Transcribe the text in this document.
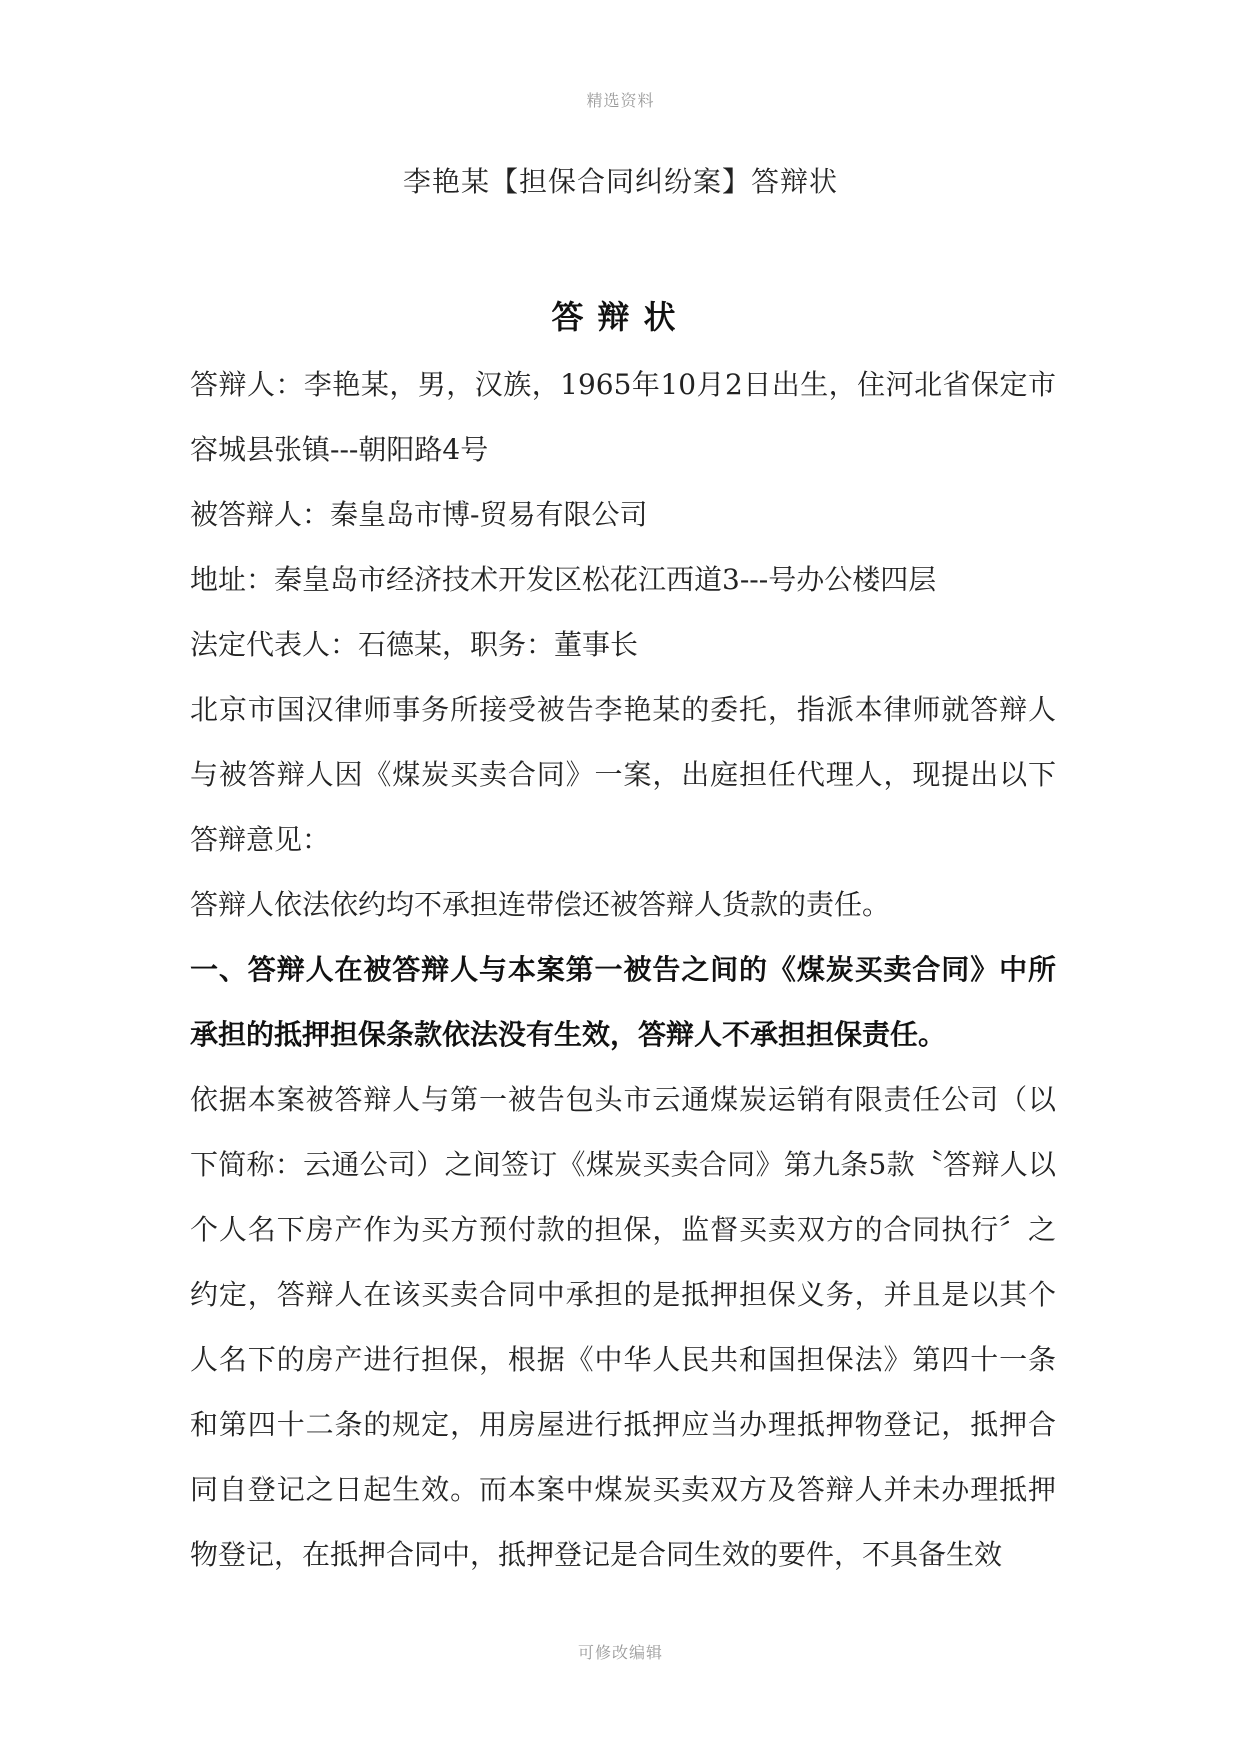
精选资料
李艳某【担保合同纠纷案】答辩状
答辩状

答辩人：李艳某，男，汉族，1965年10月2日出生，住河北省保定市容城县张镇---朝阳路4号

被答辩人：秦皇岛市博-贸易有限公司

地址：秦皇岛市经济技术开发区松花江西道3---号办公楼四层

法定代表人：石德某，职务：董事长

北京市国汉律师事务所接受被告李艳某的委托，指派本律师就答辩人与被答辩人因《煤炭买卖合同》一案，出庭担任代理人，现提出以下答辩意见：

答辩人依法依约均不承担连带偿还被答辩人货款的责任。

一、答辩人在被答辩人与本案第一被告之间的《煤炭买卖合同》中所承担的抵押担保条款依法没有生效，答辩人不承担担保责任。

依据本案被答辩人与第一被告包头市云通煤炭运销有限责任公司（以下简称：云通公司）之间签订《煤炭买卖合同》第九条5款〝答辩人以个人名下房产作为买方预付款的担保，监督买卖双方的合同执行〞之约定，答辩人在该买卖合同中承担的是抵押担保义务，并且是以其个人名下的房产进行担保，根据《中华人民共和国担保法》第四十一条和第四十二条的规定，用房屋进行抵押应当办理抵押物登记，抵押合同自登记之日起生效。而本案中煤炭买卖双方及答辩人并未办理抵押物登记，在抵押合同中，抵押登记是合同生效的要件，不具备生效

可修改编辑
